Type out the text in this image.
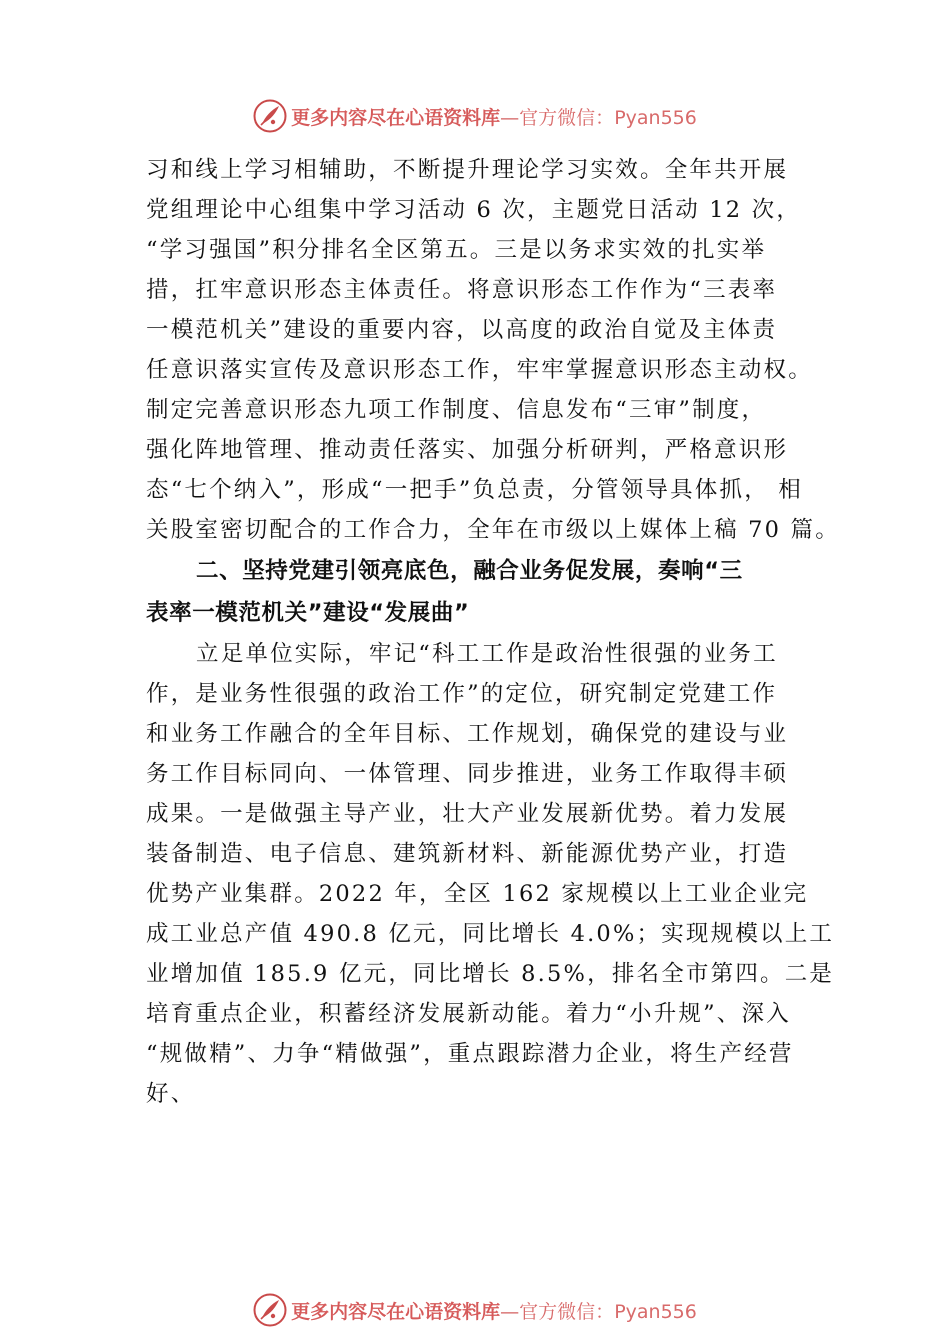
更多内容尽在心语资料库—官方微信：Pyan556
习和线上学习相辅助，不断提升理论学习实效。全年共开展
党组理论中心组集中学习活动 6 次，主题党日活动 12 次，
“学习强国”积分排名全区第五。三是以务求实效的扎实举
措，扛牢意识形态主体责任。将意识形态工作作为“三表率
一模范机关”建设的重要内容，以高度的政治自觉及主体责
任意识落实宣传及意识形态工作，牢牢掌握意识形态主动权。
制定完善意识形态九项工作制度、信息发布“三审”制度，
强化阵地管理、推动责任落实、加强分析研判，严格意识形
态“七个纳入”，形成“一把手”负总责，分管领导具体抓， 相
关股室密切配合的工作合力，全年在市级以上媒体上稿 70 篇。
二、坚持党建引领亮底色，融合业务促发展，奏响“三
表率一模范机关”建设“发展曲”
立足单位实际，牢记“科工工作是政治性很强的业务工
作，是业务性很强的政治工作”的定位，研究制定党建工作
和业务工作融合的全年目标、工作规划，确保党的建设与业
务工作目标同向、一体管理、同步推进，业务工作取得丰硕
成果。一是做强主导产业，壮大产业发展新优势。着力发展
装备制造、电子信息、建筑新材料、新能源优势产业，打造
优势产业集群。2022 年，全区 162 家规模以上工业企业完
成工业总产值 490.8 亿元，同比增长 4.0%；实现规模以上工
业增加值 185.9 亿元，同比增长 8.5%，排名全市第四。二是
培育重点企业，积蓄经济发展新动能。着力“小升规”、深入
“规做精”、力争“精做强”，重点跟踪潜力企业，将生产经营
好、
更多内容尽在心语资料库—官方微信：Pyan556
